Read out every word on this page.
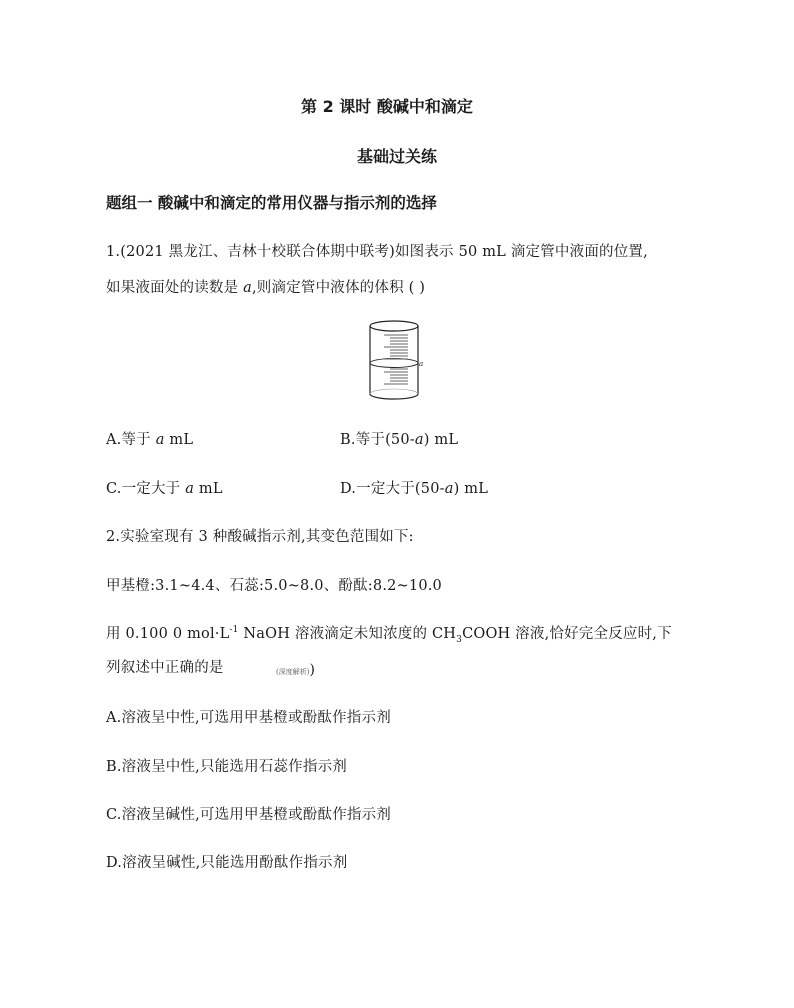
第 2 课时 酸碱中和滴定
基础过关练
题组一 酸碱中和滴定的常用仪器与指示剂的选择
1.(2021 黑龙江、吉林十校联合体期中联考)如图表示 50 mL 滴定管中液面的位置,
如果液面处的读数是 a,则滴定管中液体的体积 ( )
a
A.等于 a mL	B.等于(50-a) mL
C.一定大于 a mL	D.一定大于(50-a) mL
2.实验室现有 3 种酸碱指示剂,其变色范围如下:
甲基橙:3.1~4.4、石蕊:5.0~8.0、酚酞:8.2~10.0
用 0.100 0 $mol\cdot L^{-1}$ NaOH 溶液滴定未知浓度的 $CH_3COOH$ 溶液,恰好完全反应时,下
列叙述中正确的是	(深度解析))
A.溶液呈中性,可选用甲基橙或酚酞作指示剂
B.溶液呈中性,只能选用石蕊作指示剂
C.溶液呈碱性,可选用甲基橙或酚酞作指示剂
D.溶液呈碱性,只能选用酚酞作指示剂
